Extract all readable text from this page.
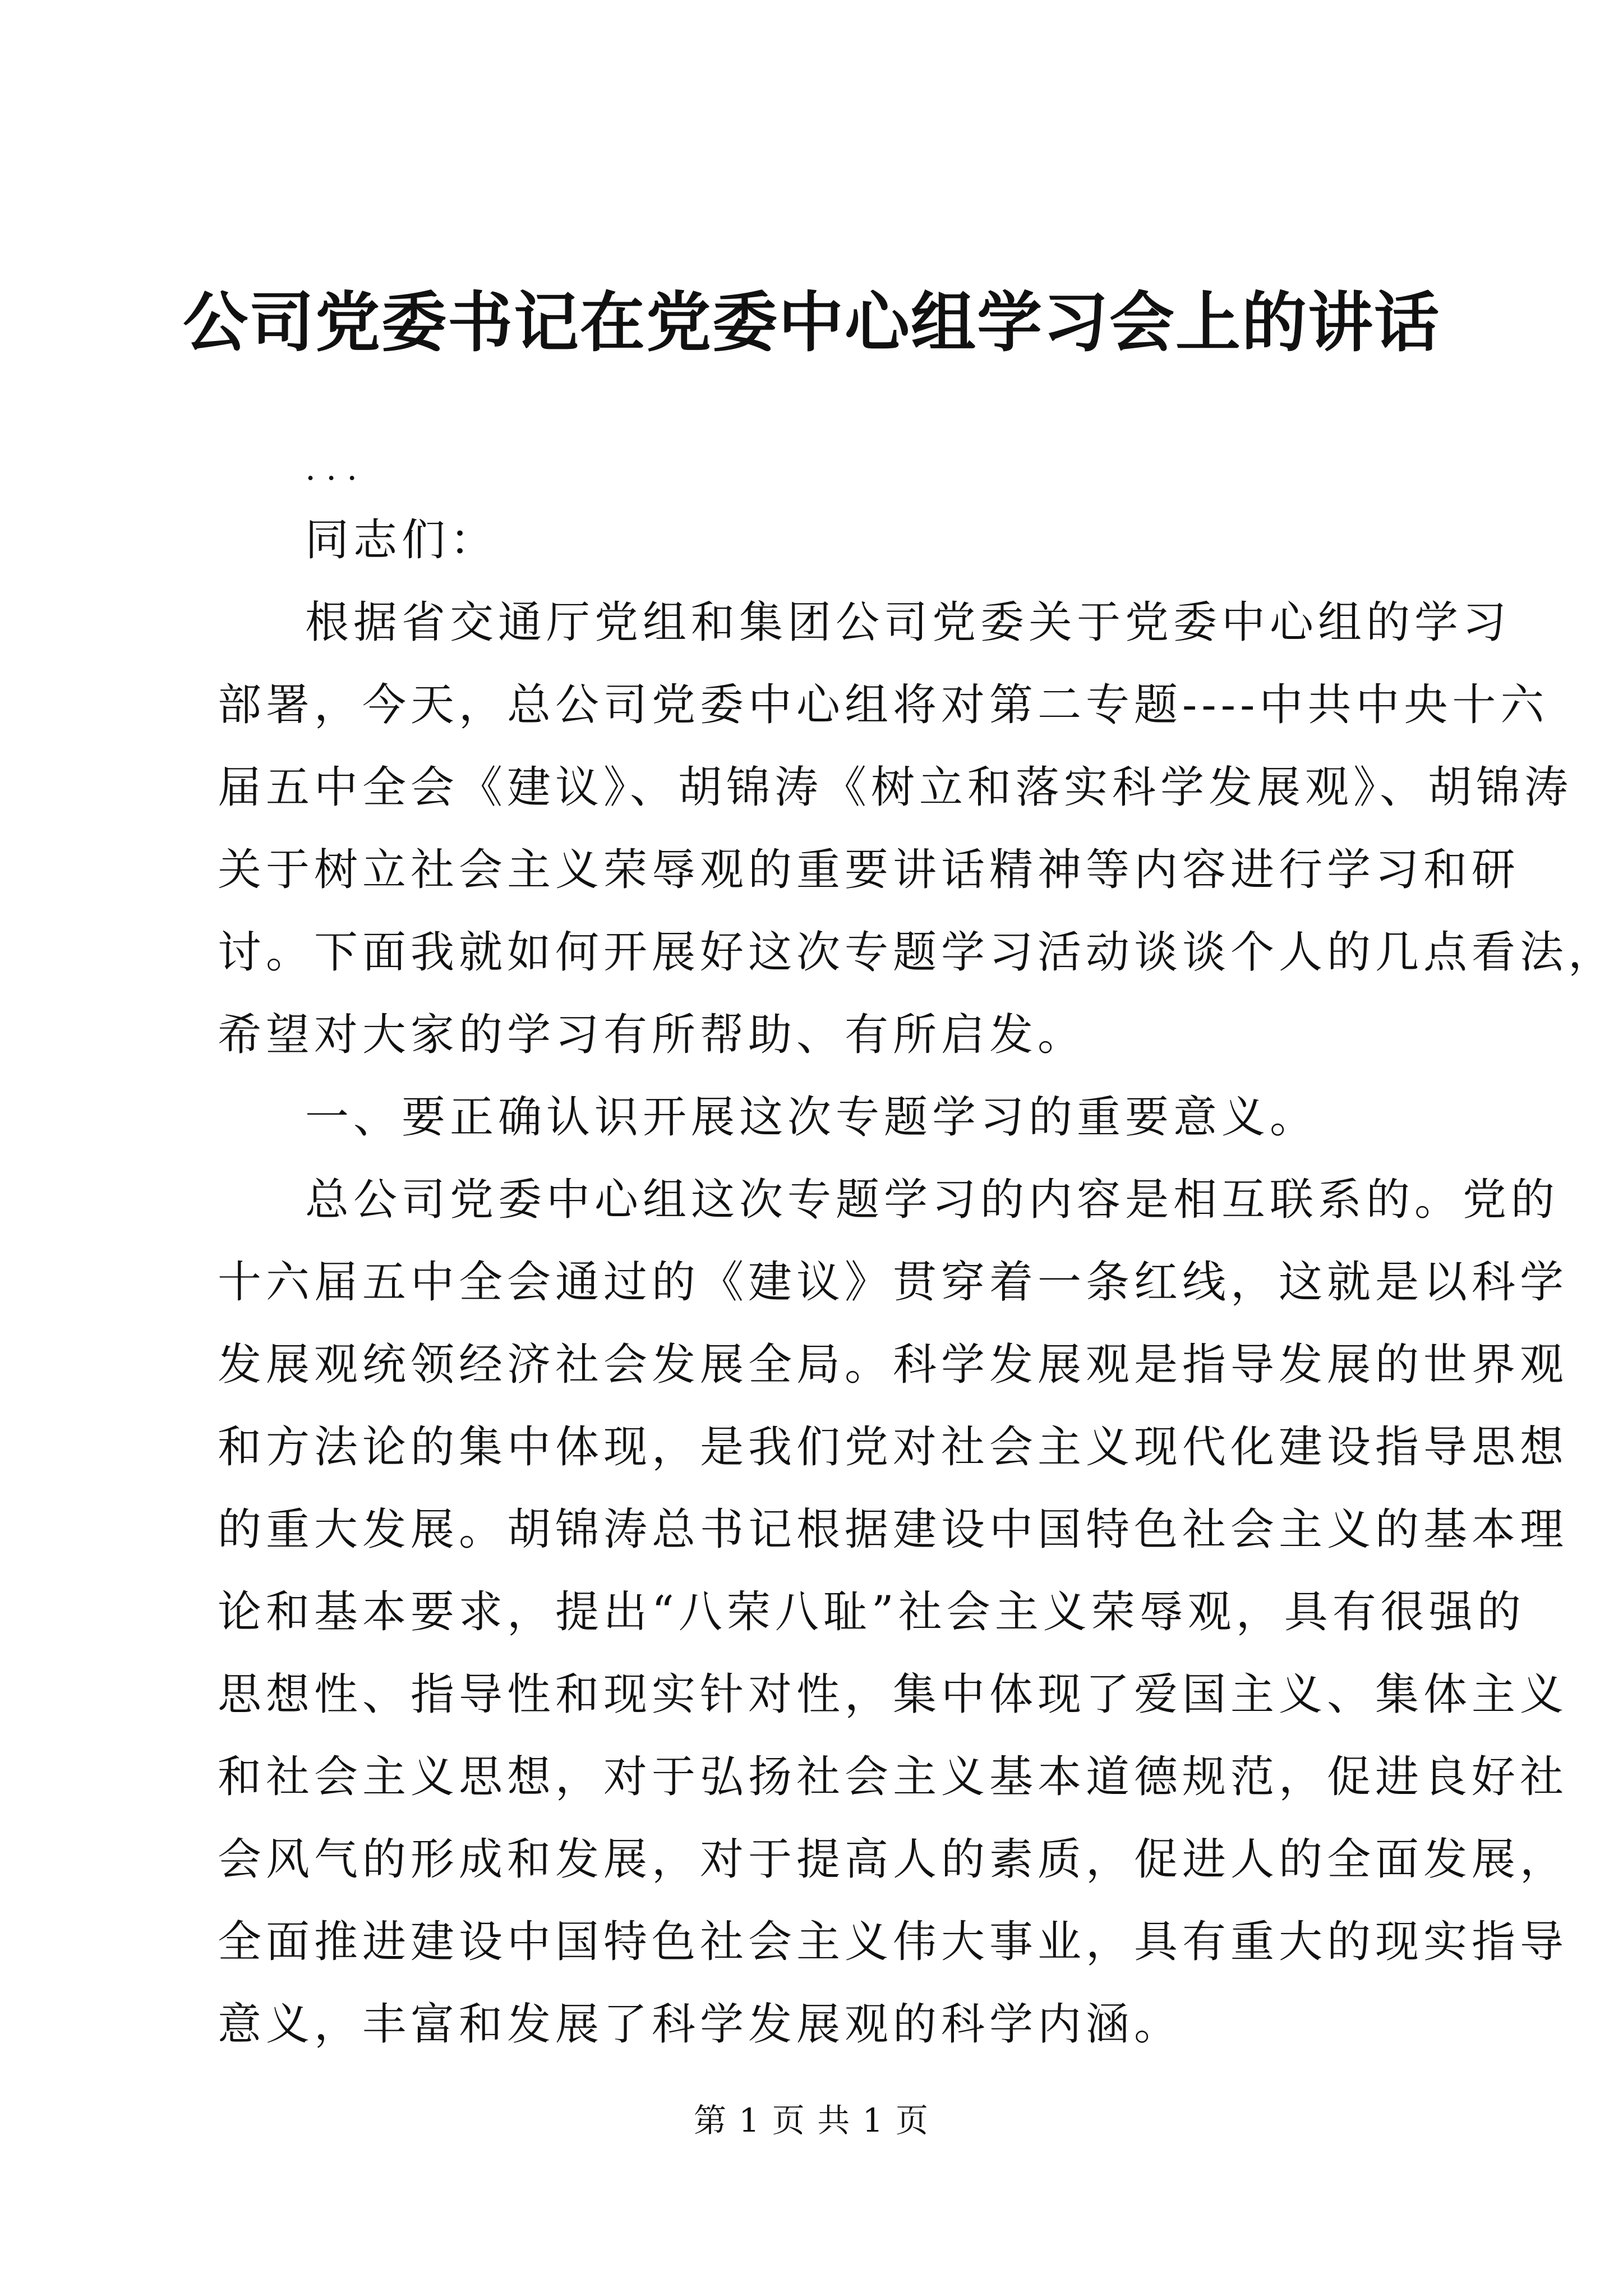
公司党委书记在党委中心组学习会上的讲话
...
同志们：
根据省交通厅党组和集团公司党委关于党委中心组的学习
部署，今天，总公司党委中心组将对第二专题----中共中央十六
届五中全会《建议》、胡锦涛《树立和落实科学发展观》、胡锦涛
关于树立社会主义荣辱观的重要讲话精神等内容进行学习和研
讨。下面我就如何开展好这次专题学习活动谈谈个人的几点看法，
希望对大家的学习有所帮助、有所启发。
一、要正确认识开展这次专题学习的重要意义。
总公司党委中心组这次专题学习的内容是相互联系的。党的
十六届五中全会通过的《建议》贯穿着一条红线，这就是以科学
发展观统领经济社会发展全局。科学发展观是指导发展的世界观
和方法论的集中体现，是我们党对社会主义现代化建设指导思想
的重大发展。胡锦涛总书记根据建设中国特色社会主义的基本理
论和基本要求，提出“八荣八耻”社会主义荣辱观，具有很强的
思想性、指导性和现实针对性，集中体现了爱国主义、集体主义
和社会主义思想，对于弘扬社会主义基本道德规范，促进良好社
会风气的形成和发展，对于提高人的素质，促进人的全面发展，
全面推进建设中国特色社会主义伟大事业，具有重大的现实指导
意义，丰富和发展了科学发展观的科学内涵。
第 1 页 共 1 页
